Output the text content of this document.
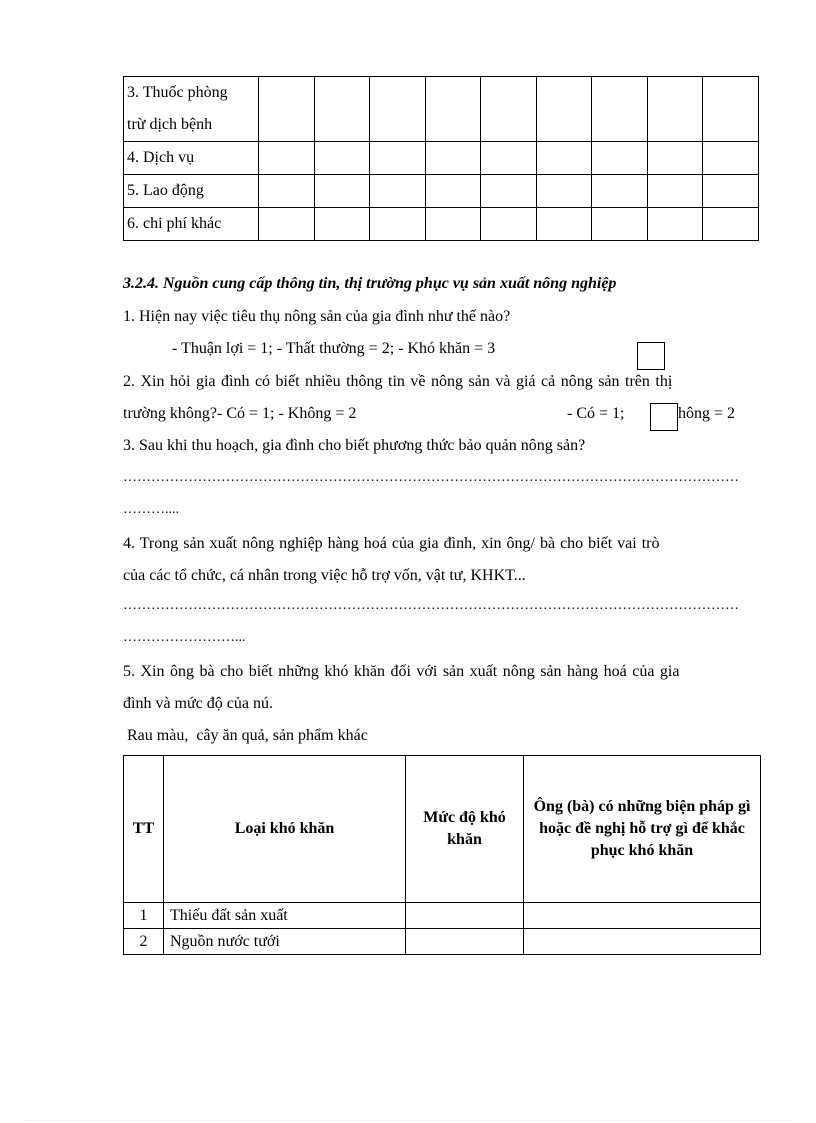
3. Thuốc phòng
trừ dịch bệnh									
4. Dịch vụ									
5. Lao động									
6. chi phí khác									
3.2.4. Nguồn cung cấp thông tin, thị trường phục vụ sản xuất nông nghiệp
1. Hiện nay việc tiêu thụ nông sản của gia đình như thế nào?
- Thuận lợi = 1; - Thất thường = 2; - Khó khăn = 3
2. Xin hỏi gia đình có biết nhiều thông tin về nông sản và giá cả nông sản trên thị
trường không?- Có = 1; - Không = 2	- Có = 1;	hông = 2
3. Sau khi thu hoạch, gia đình cho biết phương thức bảo quản nông sản?
……………………………………………………………………………………………………………………
………....
4. Trong sản xuất nông nghiệp hàng hoá của gia đình, xin ông/ bà cho biết vai trò
của các tổ chức, cá nhân trong việc hỗ trợ vốn, vật tư, KHKT...
……………………………………………………………………………………………………………………
……………………...
5. Xin ông bà cho biết những khó khăn đối với sản xuất nông sản hàng hoá của gia
đình và mức độ của nú.
Rau màu,  cây ăn quả, sản phẩm khác
TT	Loại khó khăn	Mức độ khó khăn	Ông (bà) có những biện pháp gì hoặc đề nghị hỗ trợ gì để khắc phục khó khăn
1	Thiếu đất sản xuất		
2	Nguồn nước tưới		
